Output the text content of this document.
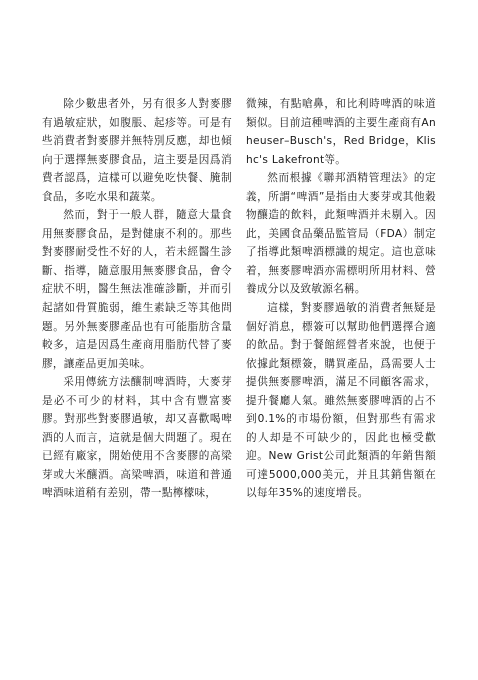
除少數患者外，另有很多人對麥膠有過敏症狀，如腹脹、起疹等。可是有些消費者對麥膠并無特別反應，却也傾向于選擇無麥膠食品，這主要是因爲消費者認爲，這樣可以避免吃快餐、腌制食品，多吃水果和蔬菜。

然而，對于一般人群，隨意大量食用無麥膠食品，是對健康不利的。那些對麥膠耐受性不好的人，若未經醫生診斷、指導，隨意服用無麥膠食品，會令症狀不明，醫生無法准確診斷，并而引起諸如骨質脆弱，維生素缺乏等其他問題。另外無麥膠產品也有可能脂肪含量較多，這是因爲生產商用脂肪代替了麥膠，讓產品更加美味。

采用傳統方法釀制啤酒時，大麥芽是必不可少的材料，其中含有豐富麥膠。對那些對麥膠過敏，却又喜歡喝啤酒的人而言，這就是個大問題了。現在已經有廠家，開始使用不含麥膠的高梁芽或大米釀酒。高梁啤酒，味道和普通啤酒味道稍有差别，帶一點檸檬味，

微辣，有點嗆鼻，和比利時啤酒的味道類似。目前這種啤酒的主要生產商有Anheuser–Busch's，Red Bridge，Klishc's Lakefront等。

然而根據《聯邦酒精管理法》的定義，所謂“啤酒”是指由大麥芽或其他穀物釀造的飲料，此類啤酒并未剔入。因此，美國食品藥品監管局（FDA）制定了指導此類啤酒標識的規定。這也意味着，無麥膠啤酒亦需標明所用材料、營養成分以及致敏源名稱。

這樣，對麥膠過敏的消費者無疑是個好消息，標簽可以幫助他們選擇合適的飲品。對于餐館經營者來說，也便于依據此類標簽，購買產品，爲需要人士提供無麥膠啤酒，滿足不同顧客需求，提升餐廳人氣。雖然無麥膠啤酒的占不到0.1%的市場份額，但對那些有需求的人却是不可缺少的，因此也極受歡迎。New Grist公司此類酒的年銷售額可達5000,000美元，并且其銷售額在以每年35%的速度增長。
